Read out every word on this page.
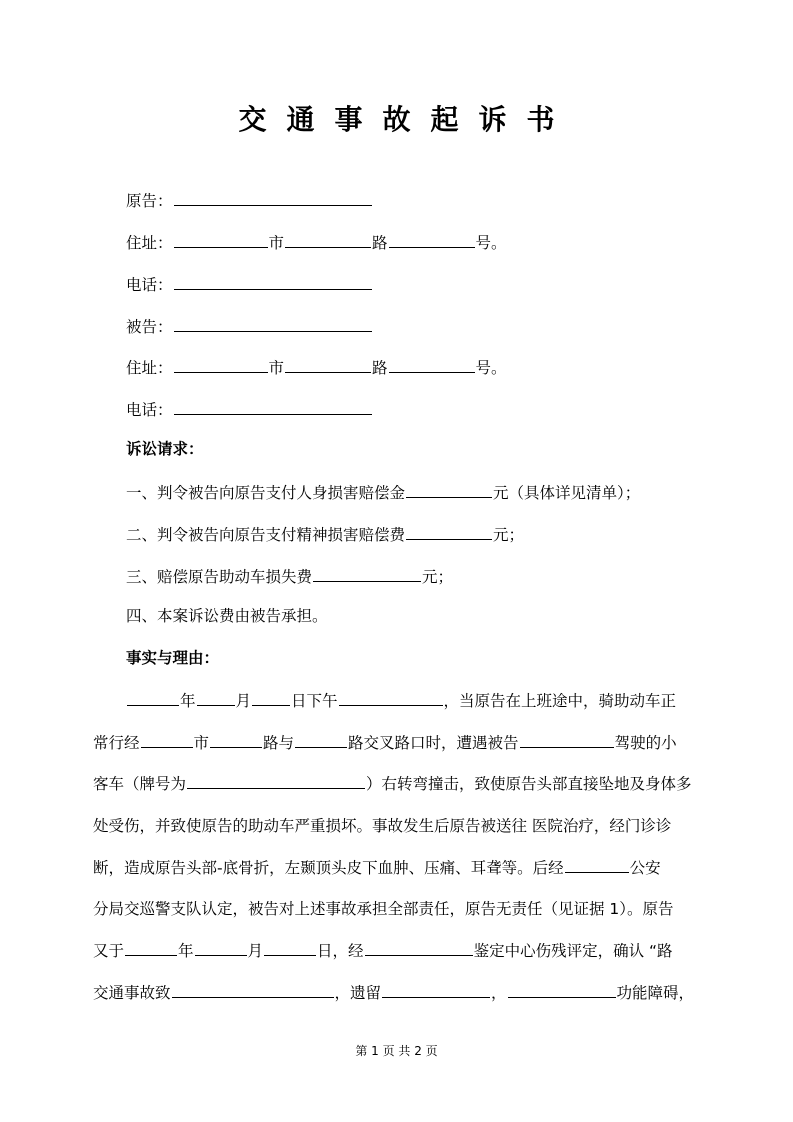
交通事故起诉书
原告：
住址：	市	路	号。
电话：
被告：
住址：	市	路	号。
电话：
诉讼请求：
一、判令被告向原告支付人身损害赔偿金	元（具体详见清单）；
二、判令被告向原告支付精神损害赔偿费	元；
三、赔偿原告助动车损失费	元；
四、本案诉讼费由被告承担。
事实与理由：
年	月	日下午	，当原告在上班途中，骑助动车正
常行经	市	路与	路交叉路口时，遭遇被告	驾驶的小
客车（牌号为	）右转弯撞击，致使原告头部直接坠地及身体多
处受伤，并致使原告的助动车严重损坏。事故发生后原告被送往 医院治疗，经门诊诊
断，造成原告头部-底骨折，左颞顶头皮下血肿、压痛、耳聋等。后经	公安
分局交巡警支队认定，被告对上述事故承担全部责任，原告无责任（见证据 1）。原告
又于	年	月	日，经	鉴定中心伤残评定，确认 “路
交通事故致	，遗留	，	功能障碍，
第 1 页 共 2 页
